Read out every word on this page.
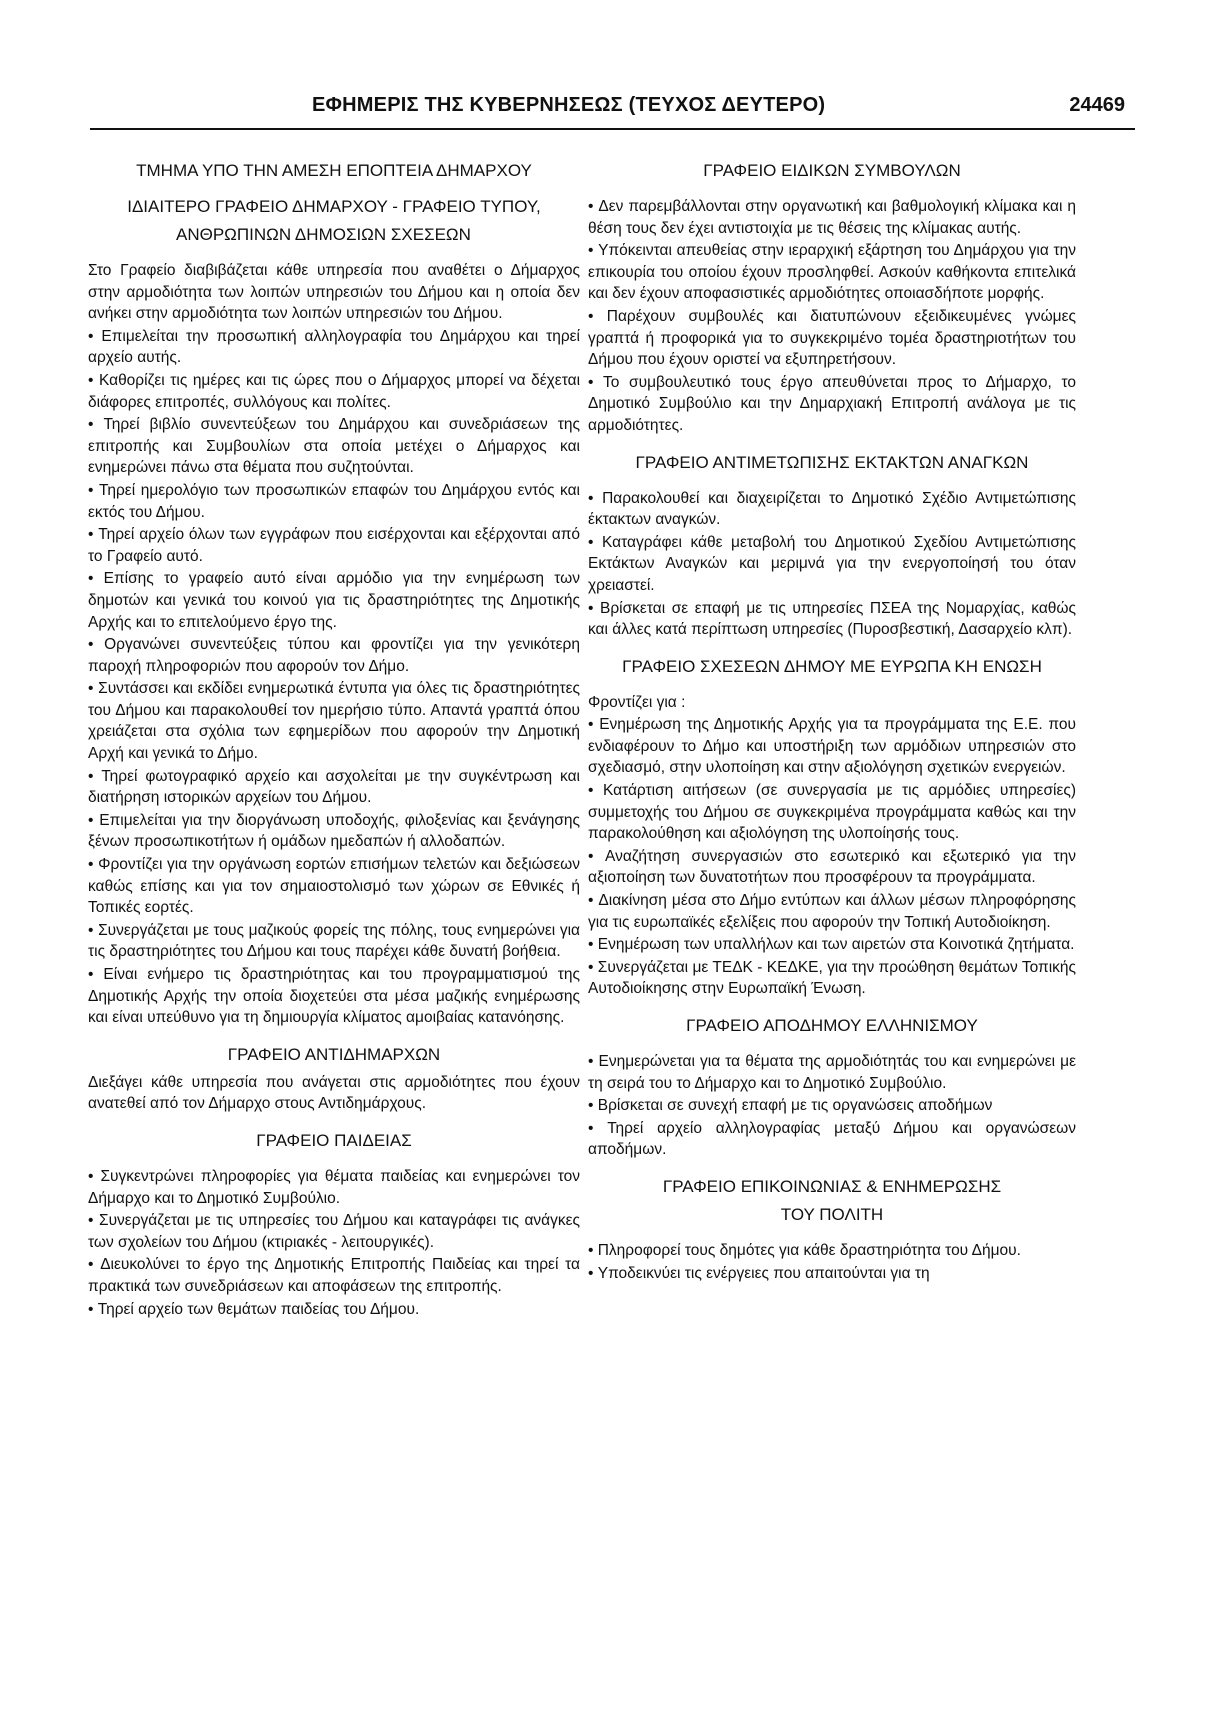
ΕΦΗΜΕΡΙΣ ΤΗΣ ΚΥΒΕΡΝΗΣΕΩΣ (ΤΕΥΧΟΣ ΔΕΥΤΕΡΟ)	24469
ΤΜΗΜΑ ΥΠΟ ΤΗΝ ΑΜΕΣΗ ΕΠΟΠΤΕΙΑ ΔΗΜΑΡΧΟΥ
ΙΔΙΑΙΤΕΡΟ ΓΡΑΦΕΙΟ ΔΗΜΑΡΧΟΥ - ΓΡΑΦΕΙΟ ΤΥΠΟΥ,
ΑΝΘΡΩΠΙΝΩΝ ΔΗΜΟΣΙΩΝ ΣΧΕΣΕΩΝ
Στο Γραφείο διαβιβάζεται κάθε υπηρεσία που αναθέτει ο Δήμαρχος στην αρμοδιότητα των λοιπών υπηρεσιών του Δήμου και η οποία δεν ανήκει στην αρμοδιότητα των λοιπών υπηρεσιών του Δήμου.
• Επιμελείται την προσωπική αλληλογραφία του Δημάρχου και τηρεί αρχείο αυτής.
• Καθορίζει τις ημέρες και τις ώρες που ο Δήμαρχος μπορεί να δέχεται διάφορες επιτροπές, συλλόγους και πολίτες.
• Τηρεί βιβλίο συνεντεύξεων του Δημάρχου και συνεδριάσεων της επιτροπής και Συμβουλίων στα οποία μετέχει ο Δήμαρχος και ενημερώνει πάνω στα θέματα που συζητούνται.
• Τηρεί ημερολόγιο των προσωπικών επαφών του Δημάρχου εντός και εκτός του Δήμου.
• Τηρεί αρχείο όλων των εγγράφων που εισέρχονται και εξέρχονται από το Γραφείο αυτό.
• Επίσης το γραφείο αυτό είναι αρμόδιο για την ενημέρωση των δημοτών και γενικά του κοινού για τις δραστηριότητες της Δημοτικής Αρχής και το επιτελούμενο έργο της.
• Οργανώνει συνεντεύξεις τύπου και φροντίζει για την γενικότερη παροχή πληροφοριών που αφορούν τον Δήμο.
• Συντάσσει και εκδίδει ενημερωτικά έντυπα για όλες τις δραστηριότητες του Δήμου και παρακολουθεί τον ημερήσιο τύπο. Απαντά γραπτά όπου χρειάζεται στα σχόλια των εφημερίδων που αφορούν την Δημοτική Αρχή και γενικά το Δήμο.
• Τηρεί φωτογραφικό αρχείο και ασχολείται με την συγκέντρωση και διατήρηση ιστορικών αρχείων του Δήμου.
• Επιμελείται για την διοργάνωση υποδοχής, φιλοξενίας και ξενάγησης ξένων προσωπικοτήτων ή ομάδων ημεδαπών ή αλλοδαπών.
• Φροντίζει για την οργάνωση εορτών επισήμων τελετών και δεξιώσεων καθώς επίσης και για τον σημαιοστολισμό των χώρων σε Εθνικές ή Τοπικές εορτές.
• Συνεργάζεται με τους μαζικούς φορείς της πόλης, τους ενημερώνει για τις δραστηριότητες του Δήμου και τους παρέχει κάθε δυνατή βοήθεια.
• Είναι ενήμερο τις δραστηριότητας και του προγραμματισμού της Δημοτικής Αρχής την οποία διοχετεύει στα μέσα μαζικής ενημέρωσης και είναι υπεύθυνο για τη δημιουργία κλίματος αμοιβαίας κατανόησης.
ΓΡΑΦΕΙΟ ΑΝΤΙΔΗΜΑΡΧΩΝ
Διεξάγει κάθε υπηρεσία που ανάγεται στις αρμοδιότητες που έχουν ανατεθεί από τον Δήμαρχο στους Αντιδημάρχους.
ΓΡΑΦΕΙΟ ΠΑΙΔΕΙΑΣ
• Συγκεντρώνει πληροφορίες για θέματα παιδείας και ενημερώνει τον Δήμαρχο και το Δημοτικό Συμβούλιο.
• Συνεργάζεται με τις υπηρεσίες του Δήμου και καταγράφει τις ανάγκες των σχολείων του Δήμου (κτιριακές - λειτουργικές).
• Διευκολύνει το έργο της Δημοτικής Επιτροπής Παιδείας και τηρεί τα πρακτικά των συνεδριάσεων και αποφάσεων της επιτροπής.
• Τηρεί αρχείο των θεμάτων παιδείας του Δήμου.
ΓΡΑΦΕΙΟ ΕΙΔΙΚΩΝ ΣΥΜΒΟΥΛΩΝ
• Δεν παρεμβάλλονται στην οργανωτική και βαθμολογική κλίμακα και η θέση τους δεν έχει αντιστοιχία με τις θέσεις της κλίμακας αυτής.
• Υπόκεινται απευθείας στην ιεραρχική εξάρτηση του Δημάρχου για την επικουρία του οποίου έχουν προσληφθεί. Ασκούν καθήκοντα επιτελικά και δεν έχουν αποφασιστικές αρμοδιότητες οποιασδήποτε μορφής.
• Παρέχουν συμβουλές και διατυπώνουν εξειδικευμένες γνώμες γραπτά ή προφορικά για το συγκεκριμένο τομέα δραστηριοτήτων του Δήμου που έχουν οριστεί να εξυπηρετήσουν.
• Το συμβουλευτικό τους έργο απευθύνεται προς το Δήμαρχο, το Δημοτικό Συμβούλιο και την Δημαρχιακή Επιτροπή ανάλογα με τις αρμοδιότητες.
ΓΡΑΦΕΙΟ ΑΝΤΙΜΕΤΩΠΙΣΗΣ ΕΚΤΑΚΤΩΝ ΑΝΑΓΚΩΝ
• Παρακολουθεί και διαχειρίζεται το Δημοτικό Σχέδιο Αντιμετώπισης έκτακτων αναγκών.
• Καταγράφει κάθε μεταβολή του Δημοτικού Σχεδίου Αντιμετώπισης Εκτάκτων Αναγκών και μεριμνά για την ενεργοποίησή του όταν χρειαστεί.
• Βρίσκεται σε επαφή με τις υπηρεσίες ΠΣΕΑ της Νομαρχίας, καθώς και άλλες κατά περίπτωση υπηρεσίες (Πυροσβεστική, Δασαρχείο κλπ).
ΓΡΑΦΕΙΟ ΣΧΕΣΕΩΝ ΔΗΜΟΥ ΜΕ ΕΥΡΩΠΑ ΚΗ ΕΝΩΣΗ
Φροντίζει για :
• Ενημέρωση της Δημοτικής Αρχής για τα προγράμματα της Ε.Ε. που ενδιαφέρουν το Δήμο και υποστήριξη των αρμόδιων υπηρεσιών στο σχεδιασμό, στην υλοποίηση και στην αξιολόγηση σχετικών ενεργειών.
• Κατάρτιση αιτήσεων (σε συνεργασία με τις αρμόδιες υπηρεσίες) συμμετοχής του Δήμου σε συγκεκριμένα προγράμματα καθώς και την παρακολούθηση και αξιολόγηση της υλοποίησής τους.
• Αναζήτηση συνεργασιών στο εσωτερικό και εξωτερικό για την αξιοποίηση των δυνατοτήτων που προσφέρουν τα προγράμματα.
• Διακίνηση μέσα στο Δήμο εντύπων και άλλων μέσων πληροφόρησης για τις ευρωπαϊκές εξελίξεις που αφορούν την Τοπική Αυτοδιοίκηση.
• Ενημέρωση των υπαλλήλων και των αιρετών στα Κοινοτικά ζητήματα.
• Συνεργάζεται με ΤΕΔΚ - ΚΕΔΚΕ, για την προώθηση θεμάτων Τοπικής Αυτοδιοίκησης στην Ευρωπαϊκή Ένωση.
ΓΡΑΦΕΙΟ ΑΠΟΔΗΜΟΥ ΕΛΛΗΝΙΣΜΟΥ
• Ενημερώνεται για τα θέματα της αρμοδιότητάς του και ενημερώνει με τη σειρά του το Δήμαρχο και το Δημοτικό Συμβούλιο.
• Βρίσκεται σε συνεχή επαφή με τις οργανώσεις αποδήμων
• Τηρεί αρχείο αλληλογραφίας μεταξύ Δήμου και οργανώσεων αποδήμων.
ΓΡΑΦΕΙΟ ΕΠΙΚΟΙΝΩΝΙΑΣ & ΕΝΗΜΕΡΩΣΗΣ
ΤΟΥ ΠΟΛΙΤΗ
• Πληροφορεί τους δημότες για κάθε δραστηριότητα του Δήμου.
• Υποδεικνύει τις ενέργειες που απαιτούνται για τη
